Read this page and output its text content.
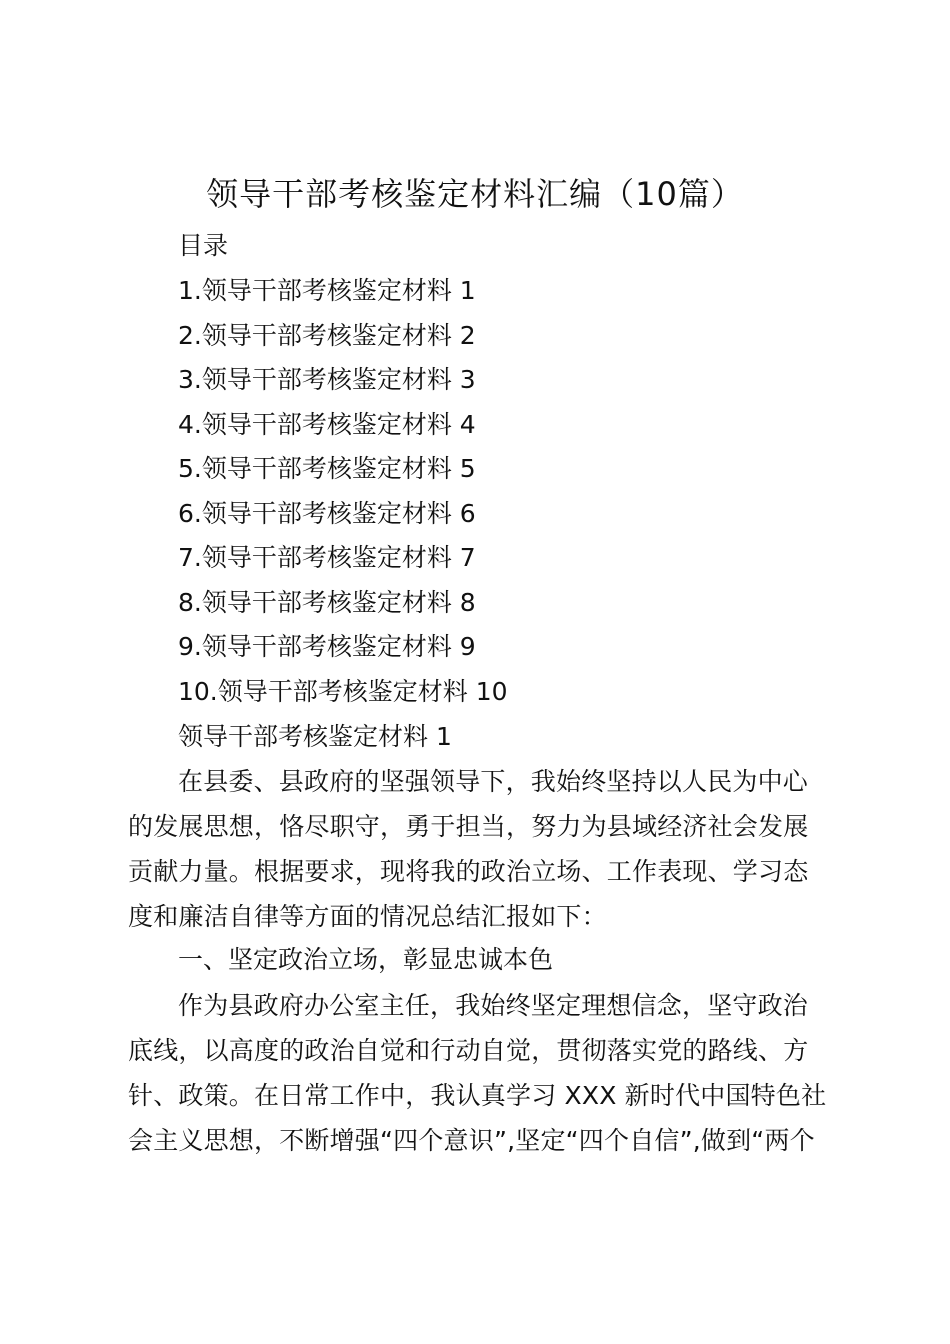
领导干部考核鉴定材料汇编（10篇）
目录
1.领导干部考核鉴定材料 1
2.领导干部考核鉴定材料 2
3.领导干部考核鉴定材料 3
4.领导干部考核鉴定材料 4
5.领导干部考核鉴定材料 5
6.领导干部考核鉴定材料 6
7.领导干部考核鉴定材料 7
8.领导干部考核鉴定材料 8
9.领导干部考核鉴定材料 9
10.领导干部考核鉴定材料 10
领导干部考核鉴定材料 1
在县委、县政府的坚强领导下，我始终坚持以人民为中心
的发展思想，恪尽职守，勇于担当，努力为县域经济社会发展
贡献力量。根据要求，现将我的政治立场、工作表现、学习态
度和廉洁自律等方面的情况总结汇报如下：
一、坚定政治立场，彰显忠诚本色
作为县政府办公室主任，我始终坚定理想信念，坚守政治
底线，以高度的政治自觉和行动自觉，贯彻落实党的路线、方
针、政策。在日常工作中，我认真学习 XXX 新时代中国特色社
会主义思想，不断增强“四个意识”,坚定“四个自信”,做到“两个
